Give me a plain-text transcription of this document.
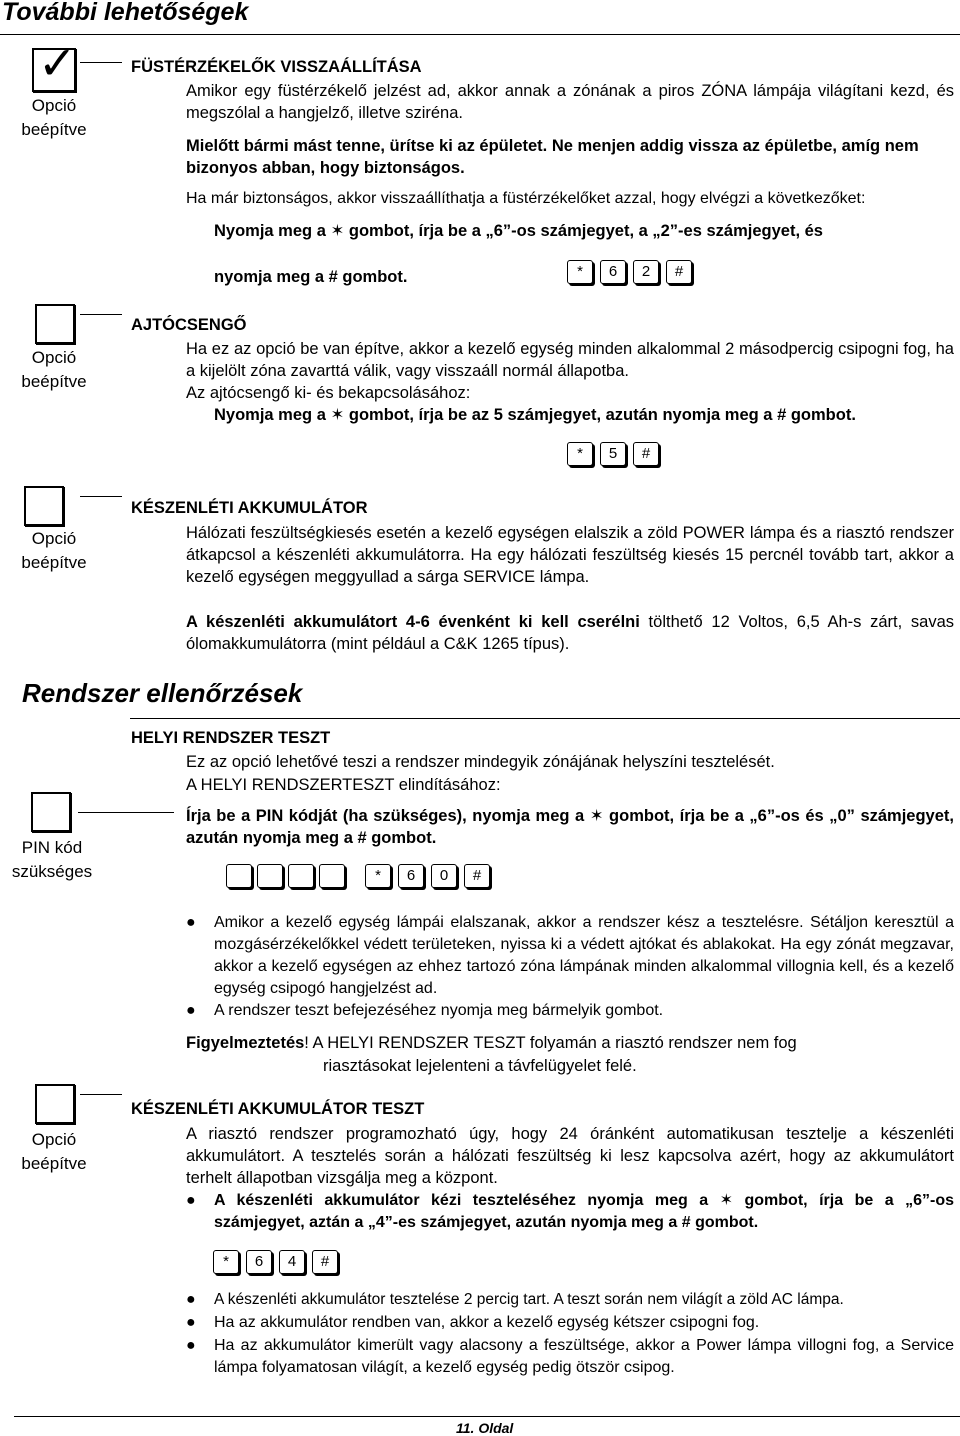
További lehetőségek
✓
Opció
beépítve
FÜSTÉRZÉKELŐK VISSZAÁLLÍTÁSA
Amikor egy füstérzékelő jelzést ad, akkor annak a zónának a piros ZÓNA lámpája világítani kezd, és megszólal a hangjelző, illetve sziréna.
Mielőtt bármi mást tenne, ürítse ki az épületet. Ne menjen addig vissza az épületbe, amíg nem bizonyos abban, hogy biztonságos.
Ha már biztonságos, akkor visszaállíthatja a füstérzékelőket azzal, hogy elvégzi a következőket:
Nyomja meg a ✶ gombot, írja be a „6”-os számjegyet, a „2”-es számjegyet, és
nyomja meg a # gombot.	*	6	2	#
Opció
beépítve
AJTÓCSENGŐ
Ha ez az opció be van építve, akkor a kezelő egység minden alkalommal 2 másodpercig csipogni fog, ha a kijelölt zóna zavarttá válik, vagy visszaáll normál állapotba.
Az ajtócsengő ki- és bekapcsolásához:
Nyomja meg a ✶ gombot, írja be az 5 számjegyet, azután nyomja meg a # gombot.
*	5	#
Opció
beépítve
KÉSZENLÉTI AKKUMULÁTOR
Hálózati feszültségkiesés esetén a kezelő egységen elalszik a zöld POWER lámpa és a riasztó rendszer átkapcsol a készenléti akkumulátorra. Ha egy hálózati feszültség kiesés 15 percnél tovább tart, akkor a kezelő egységen meggyullad a sárga SERVICE lámpa.
A készenléti akkumulátort 4-6 évenként ki kell cserélni tölthető 12 Voltos, 6,5 Ah-s zárt, savas ólomakkumulátorra (mint például a C&K 1265 típus).
Rendszer ellenőrzések
PIN kód
szükséges
HELYI RENDSZER TESZT
Ez az opció lehetővé teszi a rendszer mindegyik zónájának helyszíni tesztelését.
A HELYI RENDSZERTESZT elindításához:
Írja be a PIN kódját (ha szükséges), nyomja meg a ✶ gombot, írja be a „6”-os és „0” számjegyet, azután nyomja meg a # gombot.
*	6	0	#
● Amikor a kezelő egység lámpái elalszanak, akkor a rendszer kész a tesztelésre. Sétáljon keresztül a mozgásérzékelőkkel védett területeken, nyissa ki a védett ajtókat és ablakokat. Ha egy zónát megzavar, akkor a kezelő egységen az ehhez tartozó zóna lámpának minden alkalommal villognia kell, és a kezelő egység csipogó hangjelzést ad.
● A rendszer teszt befejezéséhez nyomja meg bármelyik gombot.
Figyelmeztetés! A HELYI RENDSZER TESZT folyamán a riasztó rendszer nem fog
riasztásokat lejelenteni a távfelügyelet felé.
Opció
beépítve
KÉSZENLÉTI AKKUMULÁTOR TESZT
A riasztó rendszer programozható úgy, hogy 24 óránként automatikusan tesztelje a készenléti akkumulátort. A tesztelés során a hálózati feszültség ki lesz kapcsolva azért, hogy az akkumulátort terhelt állapotban vizsgálja meg a központ.
● A készenléti akkumulátor kézi teszteléséhez nyomja meg a ✶ gombot, írja be a „6”-os számjegyet, aztán a „4”-es számjegyet, azután nyomja meg a # gombot.
*	6	4	#
● A készenléti akkumulátor tesztelése 2 percig tart. A teszt során nem világít a zöld AC lámpa.
● Ha az akkumulátor rendben van, akkor a kezelő egység kétszer csipogni fog.
● Ha az akkumulátor kimerült vagy alacsony a feszültsége, akkor a Power lámpa villogni fog, a Service lámpa folyamatosan világít, a kezelő egység pedig ötször csipog.
11. Oldal
